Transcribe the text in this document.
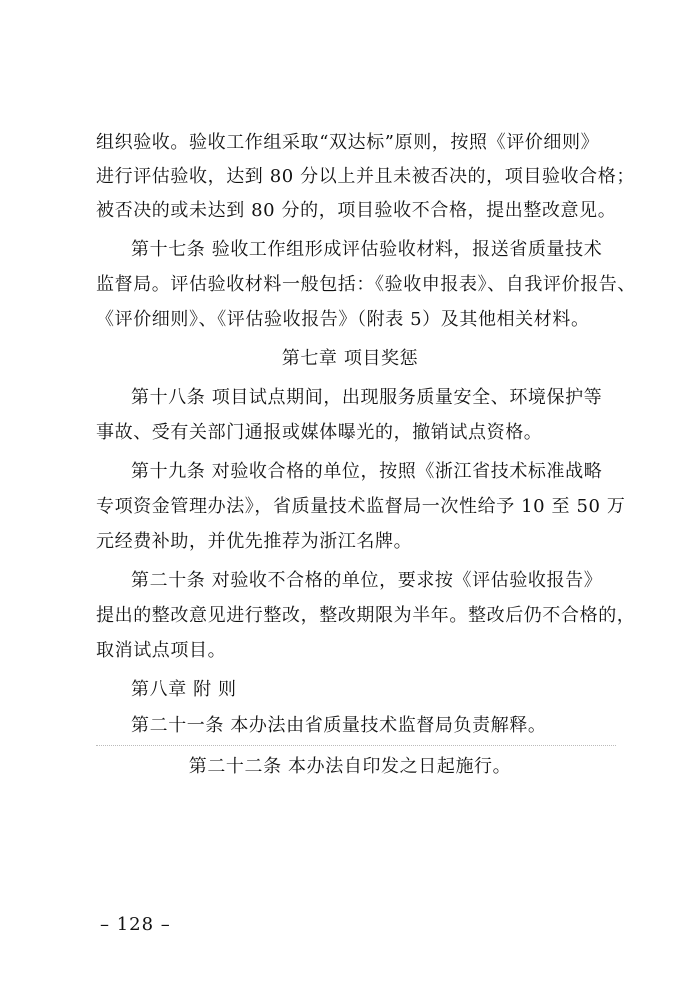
组织验收。验收工作组采取“双达标”原则，按照《评价细则》
进行评估验收，达到 80 分以上并且未被否决的，项目验收合格；
被否决的或未达到 80 分的，项目验收不合格，提出整改意见。
第十七条 验收工作组形成评估验收材料，报送省质量技术
监督局。评估验收材料一般包括：《验收申报表》、自我评价报告、
《评价细则》、《评估验收报告》（附表 5）及其他相关材料。
第七章 项目奖惩
第十八条 项目试点期间，出现服务质量安全、环境保护等
事故、受有关部门通报或媒体曝光的，撤销试点资格。
第十九条 对验收合格的单位，按照《浙江省技术标准战略
专项资金管理办法》，省质量技术监督局一次性给予 10 至 50 万
元经费补助，并优先推荐为浙江名牌。
第二十条 对验收不合格的单位，要求按《评估验收报告》
提出的整改意见进行整改，整改期限为半年。整改后仍不合格的，
取消试点项目。
第八章 附 则
第二十一条 本办法由省质量技术监督局负责解释。
第二十二条 本办法自印发之日起施行。
– 128 –
